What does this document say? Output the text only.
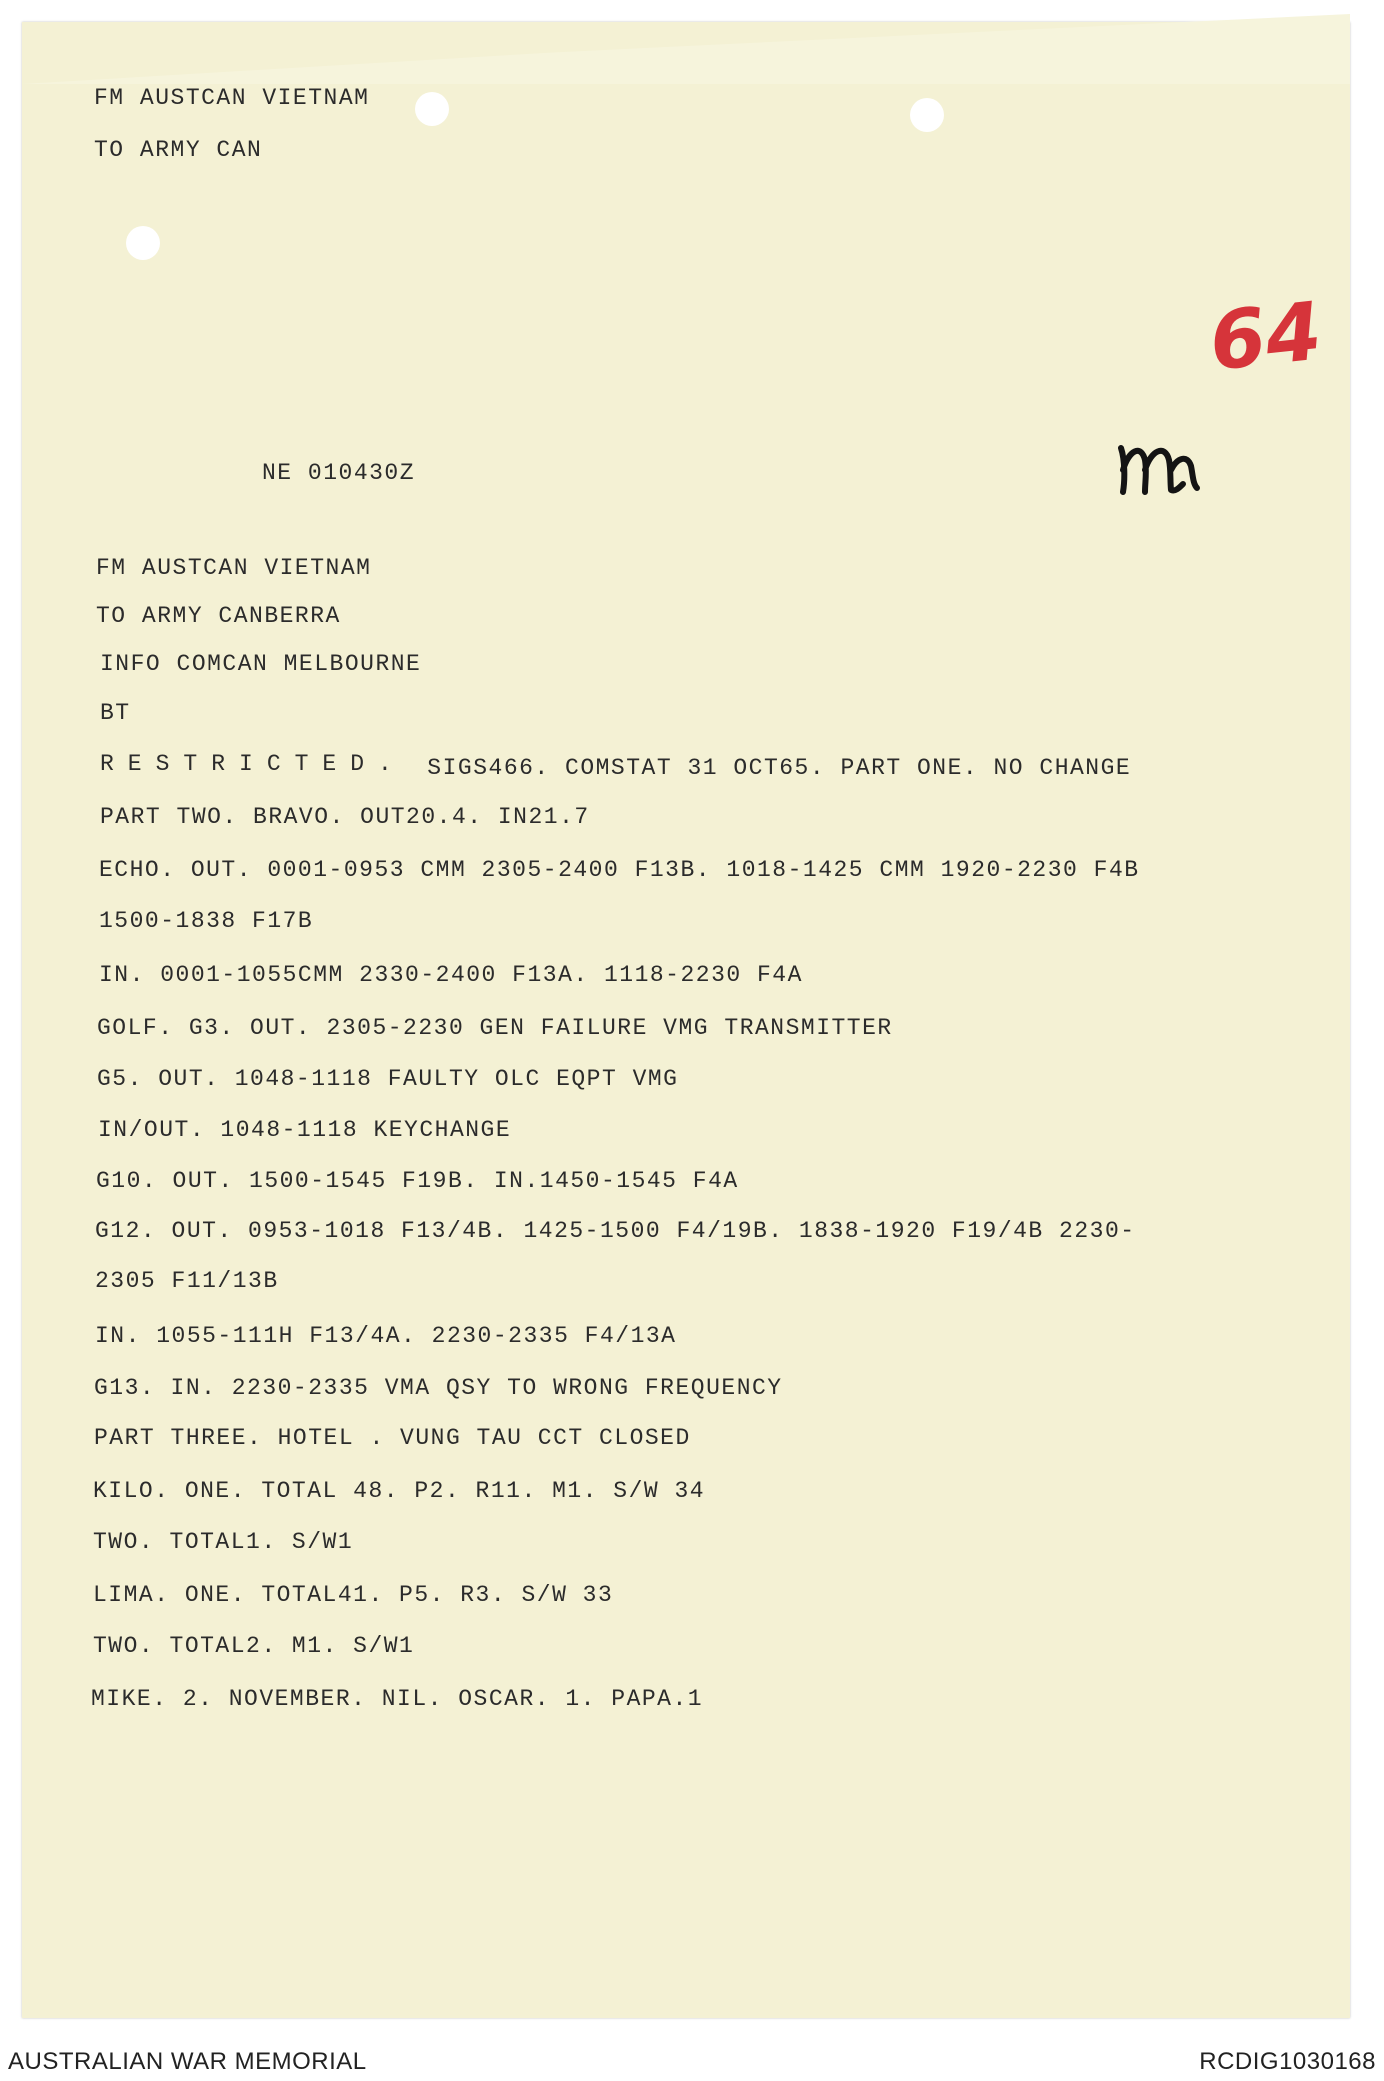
FM AUSTCAN VIETNAM
TO ARMY CAN
NE 010430Z
64
FM AUSTCAN VIETNAM
TO ARMY CANBERRA
INFO COMCAN MELBOURNE
BT
RESTRICTED. SIGS466. COMSTAT 31 OCT65. PART ONE. NO CHANGE
PART TWO. BRAVO. OUT20.4. IN21.7
ECHO. OUT. 0001-0953 CMM 2305-2400 F13B. 1018-1425 CMM 1920-2230 F4B
1500-1838 F17B
IN. 0001-1055CMM 2330-2400 F13A. 1118-2230 F4A
GOLF. G3. OUT. 2305-2230 GEN FAILURE VMG TRANSMITTER
G5. OUT. 1048-1118 FAULTY OLC EQPT VMG
IN/OUT. 1048-1118 KEYCHANGE
G10. OUT. 1500-1545 F19B. IN.1450-1545 F4A
G12. OUT. 0953-1018 F13/4B. 1425-1500 F4/19B. 1838-1920 F19/4B 2230-
2305 F11/13B
IN. 1055-111H F13/4A. 2230-2335 F4/13A
G13. IN. 2230-2335 VMA QSY TO WRONG FREQUENCY
PART THREE. HOTEL . VUNG TAU CCT CLOSED
KILO. ONE. TOTAL 48. P2. R11. M1. S/W 34
TWO. TOTAL1. S/W1
LIMA. ONE. TOTAL41. P5. R3. S/W 33
TWO. TOTAL2. M1. S/W1
MIKE. 2. NOVEMBER. NIL. OSCAR. 1. PAPA.1
AUSTRALIAN WAR MEMORIAL	RCDIG1030168
